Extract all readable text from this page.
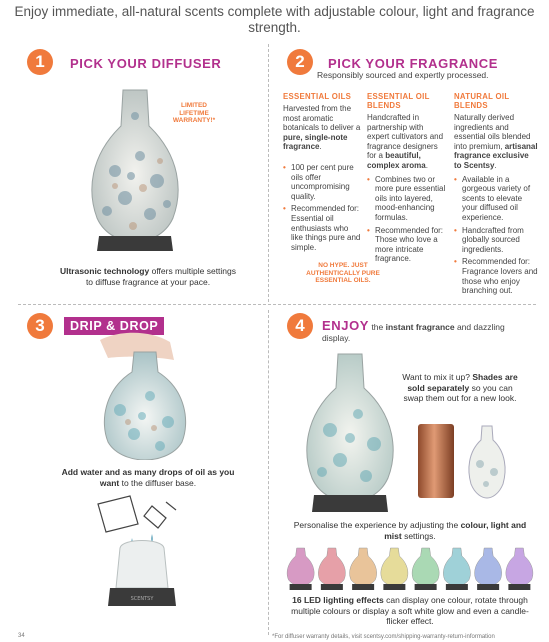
Enjoy immediate, all-natural scents complete with adjustable colour, light and fragrance strength.
1	PICK YOUR DIFFUSER
LIMITED LIFETIME WARRANTY!*
Ultrasonic technology offers multiple settings to diffuse fragrance at your pace.
2	PICK YOUR FRAGRANCE
Responsibly sourced and expertly processed.
ESSENTIAL OILS
Harvested from the most aromatic botanicals to deliver a pure, single-note fragrance.
• 100 per cent pure oils offer uncompromising quality.
• Recommended for: Essential oil enthusiasts who like things pure and simple.
ESSENTIAL OIL BLENDS
Handcrafted in partnership with expert cultivators and fragrance designers for a beautiful, complex aroma.
• Combines two or more pure essential oils into layered, mood-enhancing formulas.
• Recommended for: Those who love a more intricate fragrance.
NATURAL OIL BLENDS
Naturally derived ingredients and essential oils blended into premium, artisanal fragrance exclusive to Scentsy.
• Available in a gorgeous variety of scents to elevate your diffused oil experience.
• Handcrafted from globally sourced ingredients.
• Recommended for: Fragrance lovers and those who enjoy branching out.
NO HYPE. JUST AUTHENTICALLY PURE ESSENTIAL OILS.
3	DRIP & DROP
Add water and as many drops of oil as you want to the diffuser base.
SCENTSY
4	ENJOY the instant fragrance and dazzling display.
Want to mix it up? Shades are sold separately so you can swap them out for a new look.
Personalise the experience by adjusting the colour, light and mist settings.
16 LED lighting effects can display one colour, rotate through multiple colours or display a soft white glow and even a candle-flicker effect.
34	*For diffuser warranty details, visit scentsy.com/shipping-warranty-return-information
